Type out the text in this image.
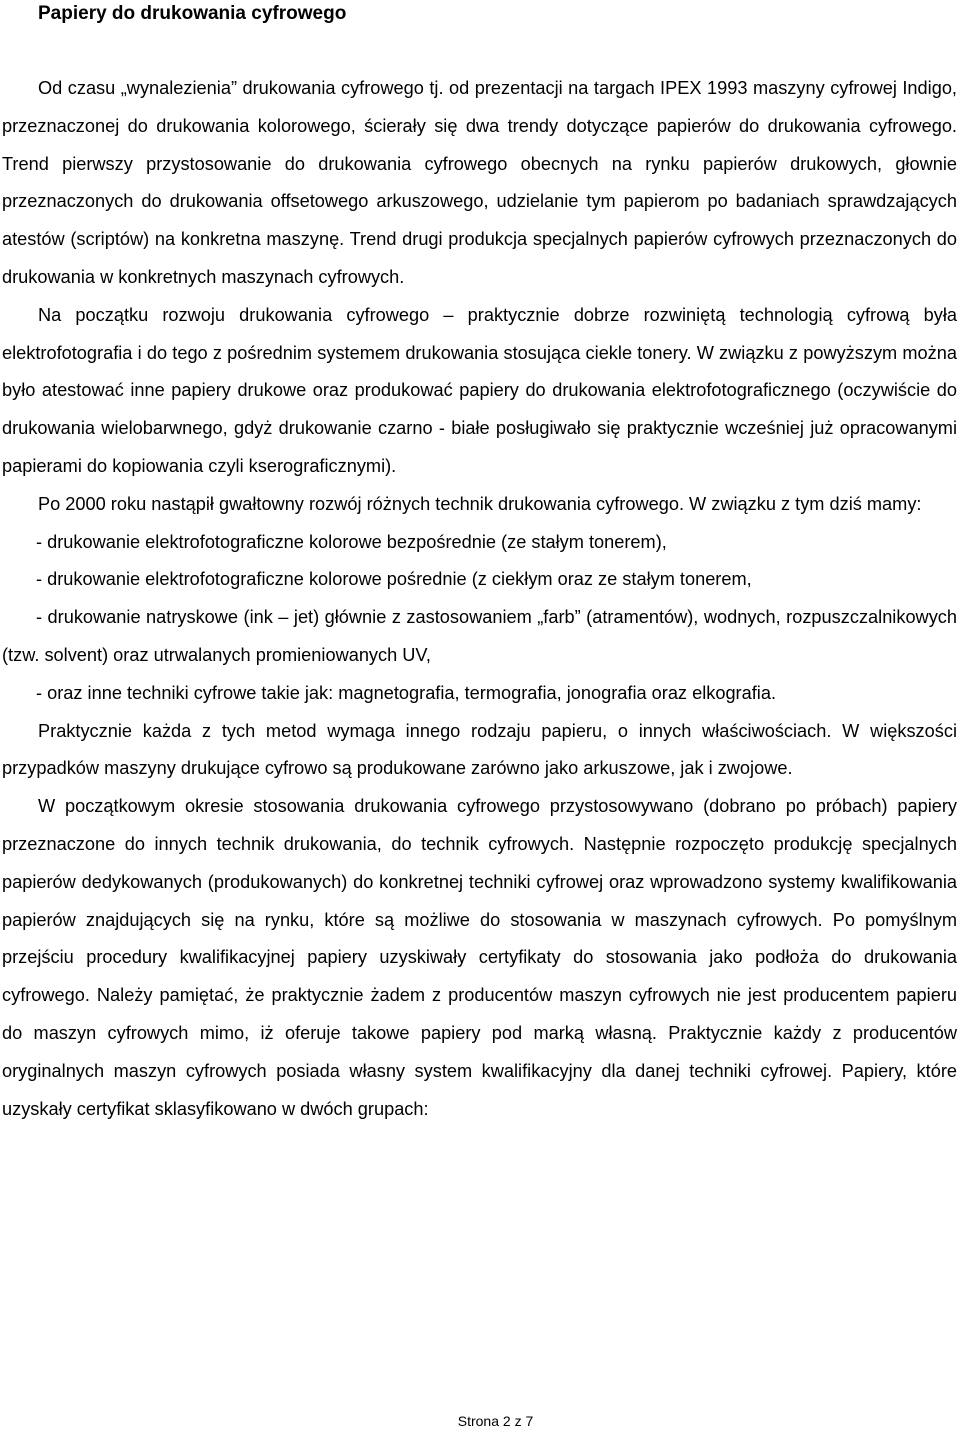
Papiery do drukowania cyfrowego

Od czasu „wynalezienia” drukowania cyfrowego tj. od prezentacji na targach IPEX 1993 maszyny cyfrowej Indigo, przeznaczonej do drukowania kolorowego, ścierały się dwa trendy dotyczące papierów do drukowania cyfrowego. Trend pierwszy przystosowanie do drukowania cyfrowego obecnych na rynku papierów drukowych, głownie przeznaczonych do drukowania offsetowego arkuszowego, udzielanie tym papierom po badaniach sprawdzających atestów (scriptów) na konkretna maszynę. Trend drugi produkcja specjalnych papierów cyfrowych przeznaczonych do drukowania w konkretnych maszynach cyfrowych.

Na początku rozwoju drukowania cyfrowego – praktycznie dobrze rozwiniętą technologią cyfrową była elektrofotografia i do tego z pośrednim systemem drukowania stosująca ciekle tonery. W związku z powyższym można było atestować inne papiery drukowe oraz produkować papiery do drukowania elektrofotograficznego (oczywiście do drukowania wielobarwnego, gdyż drukowanie czarno - białe posługiwało się praktycznie wcześniej już opracowanymi papierami do kopiowania czyli kserograficznymi).

Po 2000 roku nastąpił gwałtowny rozwój różnych technik drukowania cyfrowego. W związku z tym dziś mamy:

- drukowanie elektrofotograficzne kolorowe bezpośrednie (ze stałym tonerem),

- drukowanie elektrofotograficzne kolorowe pośrednie (z ciekłym oraz ze stałym tonerem,

- drukowanie natryskowe (ink – jet) głównie z zastosowaniem „farb” (atramentów), wodnych, rozpuszczalnikowych (tzw. solvent) oraz utrwalanych promieniowanych UV,

- oraz inne techniki cyfrowe takie jak: magnetografia, termografia, jonografia oraz elkografia.

Praktycznie każda z tych metod wymaga innego rodzaju papieru, o innych właściwościach. W większości przypadków maszyny drukujące cyfrowo są produkowane zarówno jako arkuszowe, jak i zwojowe.

W początkowym okresie stosowania drukowania cyfrowego przystosowywano (dobrano po próbach) papiery przeznaczone do innych technik drukowania, do technik cyfrowych. Następnie rozpoczęto produkcję specjalnych papierów dedykowanych (produkowanych) do konkretnej techniki cyfrowej oraz wprowadzono systemy kwalifikowania papierów znajdujących się na rynku, które są możliwe do stosowania w maszynach cyfrowych. Po pomyślnym przejściu procedury kwalifikacyjnej papiery uzyskiwały certyfikaty do stosowania jako podłoża do drukowania cyfrowego. Należy pamiętać, że praktycznie żadem z producentów maszyn cyfrowych nie jest producentem papieru do maszyn cyfrowych mimo, iż oferuje takowe papiery pod marką własną. Praktycznie każdy z producentów oryginalnych maszyn cyfrowych posiada własny system kwalifikacyjny dla danej techniki cyfrowej. Papiery, które uzyskały certyfikat sklasyfikowano w dwóch grupach:

Strona 2 z 7
